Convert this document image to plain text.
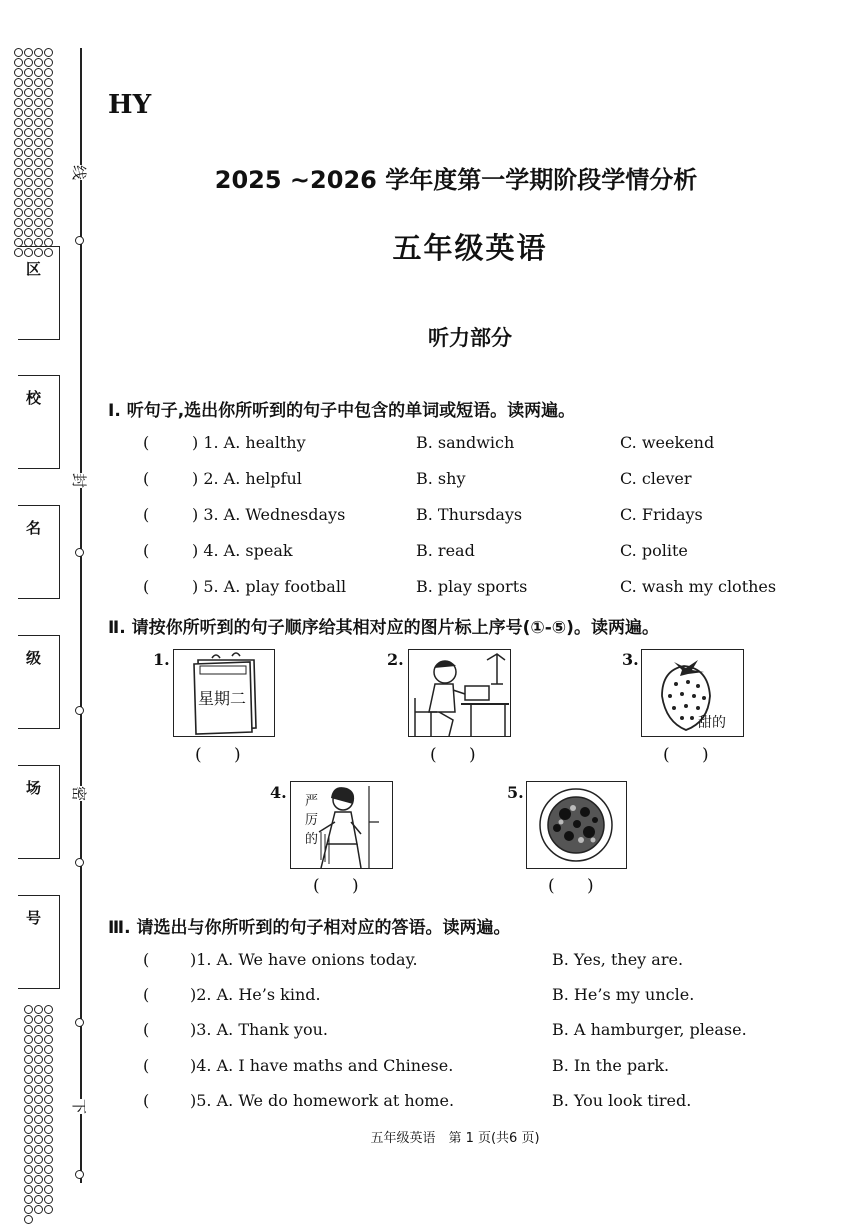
线
封
密
下
区
校
名
级
场
号
HY
2025 ~2026 学年度第一学期阶段学情分析
五年级英语
听力部分
Ⅰ. 听句子,选出你所听到的句子中包含的单词或短语。读两遍。
(	) 1. A. healthy	B. sandwich	C. weekend
(	) 2. A. helpful	B. shy	C. clever
(	) 3. A. Wednesdays	B. Thursdays	C. Fridays
(	) 4. A. speak	B. read	C. polite
(	) 5. A. play football	B. play sports	C. wash my clothes
Ⅱ. 请按你所听到的句子顺序给其相对应的图片标上序号(①-⑤)。读两遍。
1.
星期二
(      )
2.
(      )
3.
甜的
(      )
4. 严
厉
的
(      )
5.
(      )
Ⅲ. 请选出与你所听到的句子相对应的答语。读两遍。
(	)1. A. We have onions today.	B. Yes, they are.
(	)2. A. He’s kind.	B. He’s my uncle.
(	)3. A. Thank you.	B. A hamburger, please.
(	)4. A. I have maths and Chinese.	B. In the park.
(	)5. A. We do homework at home.	B. You look tired.
五年级英语　第 1 页(共6 页)
